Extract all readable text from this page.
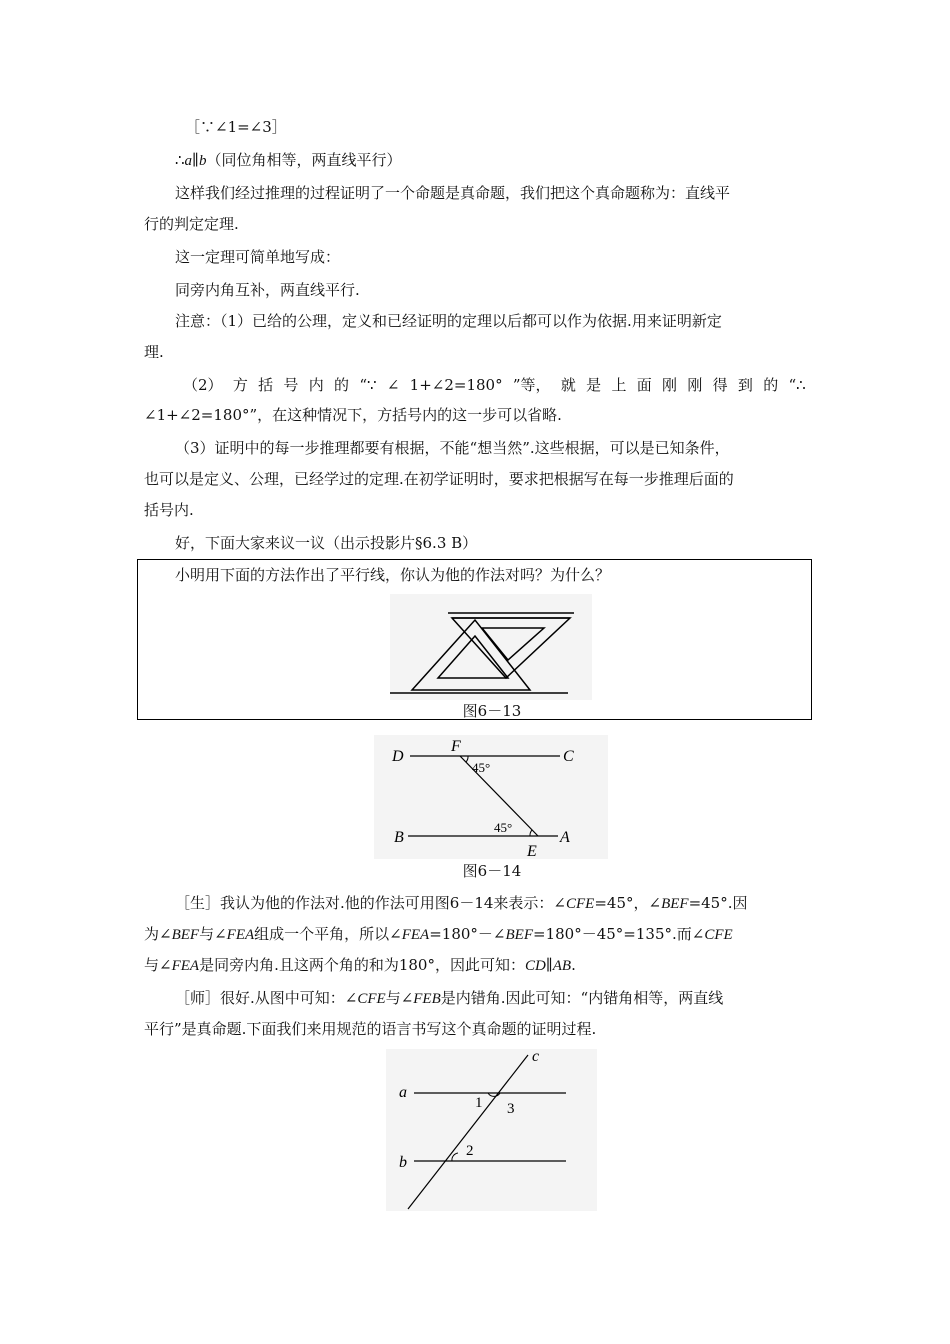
［∵∠1=∠3］
∴a∥b（同位角相等，两直线平行）
这样我们经过推理的过程证明了一个命题是真命题，我们把这个真命题称为：直线平
行的判定定理.
这一定理可简单地写成：
同旁内角互补，两直线平行.
注意：（1）已给的公理，定义和已经证明的定理以后都可以作为依据.用来证明新定
理.
（2） 方 括 号 内 的 “∵ ∠ 1+∠2=180° ”等， 就 是 上 面 刚 刚 得 到 的 “∴
∠1+∠2=180°”，在这种情况下，方括号内的这一步可以省略.
（3）证明中的每一步推理都要有根据，不能“想当然”.这些根据，可以是已知条件，
也可以是定义、公理，已经学过的定理.在初学证明时，要求把根据写在每一步推理后面的
括号内.
好，下面大家来议一议（出示投影片§6.3 B）
小明用下面的方法作出了平行线，你认为他的作法对吗？为什么？
图6－13
D
F
C
B
E
A
45°
45°
图6－14
［生］我认为他的作法对.他的作法可用图6－14来表示：∠CFE=45°，∠BEF=45°.因
为∠BEF与∠FEA组成一个平角，所以∠FEA=180°－∠BEF=180°－45°=135°.而∠CFE
与∠FEA是同旁内角.且这两个角的和为180°，因此可知：CD∥AB.
［师］很好.从图中可知：∠CFE与∠FEB是内错角.因此可知：“内错角相等，两直线
平行”是真命题.下面我们来用规范的语言书写这个真命题的证明过程.
c
a
b
1 3
2
